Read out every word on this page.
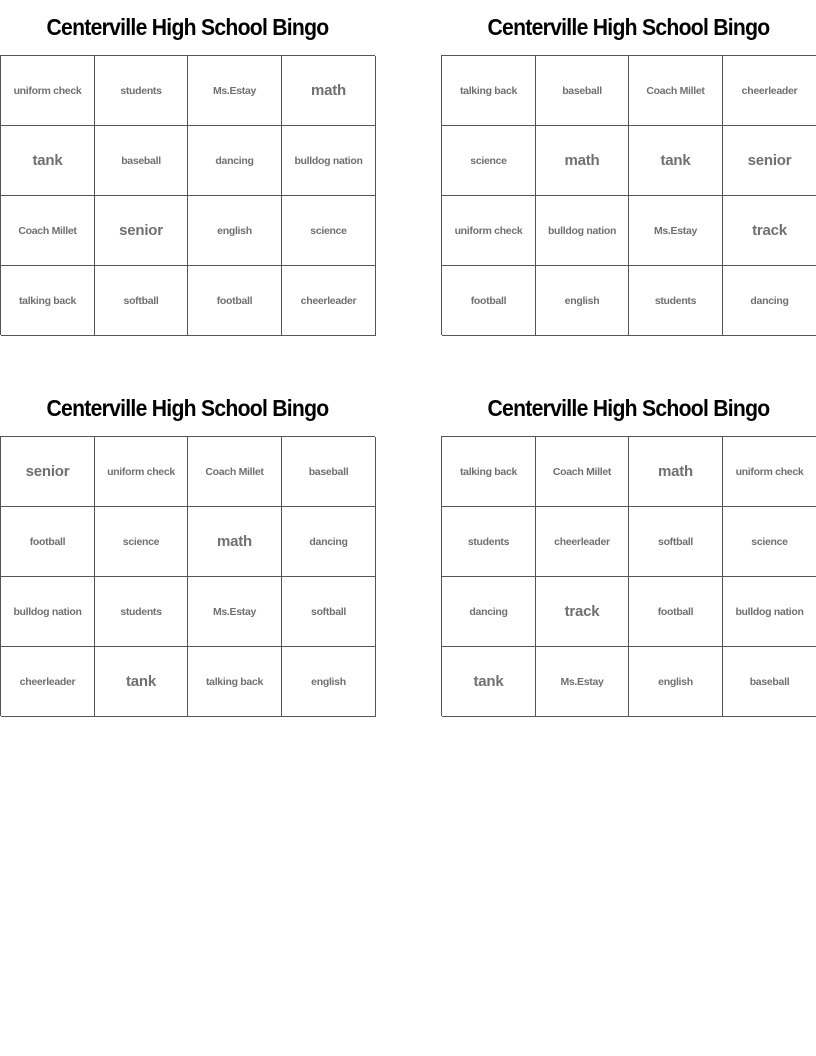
Centerville High School Bingo
uniform check	students	Ms.Estay	math
tank	baseball	dancing	bulldog nation
Coach Millet	senior	english	science
talking back	softball	football	cheerleader
Centerville High School Bingo
talking back	baseball	Coach Millet	cheerleader
science	math	tank	senior
uniform check	bulldog nation	Ms.Estay	track
football	english	students	dancing
Centerville High School Bingo
senior	uniform check	Coach Millet	baseball
football	science	math	dancing
bulldog nation	students	Ms.Estay	softball
cheerleader	tank	talking back	english
Centerville High School Bingo
talking back	Coach Millet	math	uniform check
students	cheerleader	softball	science
dancing	track	football	bulldog nation
tank	Ms.Estay	english	baseball
